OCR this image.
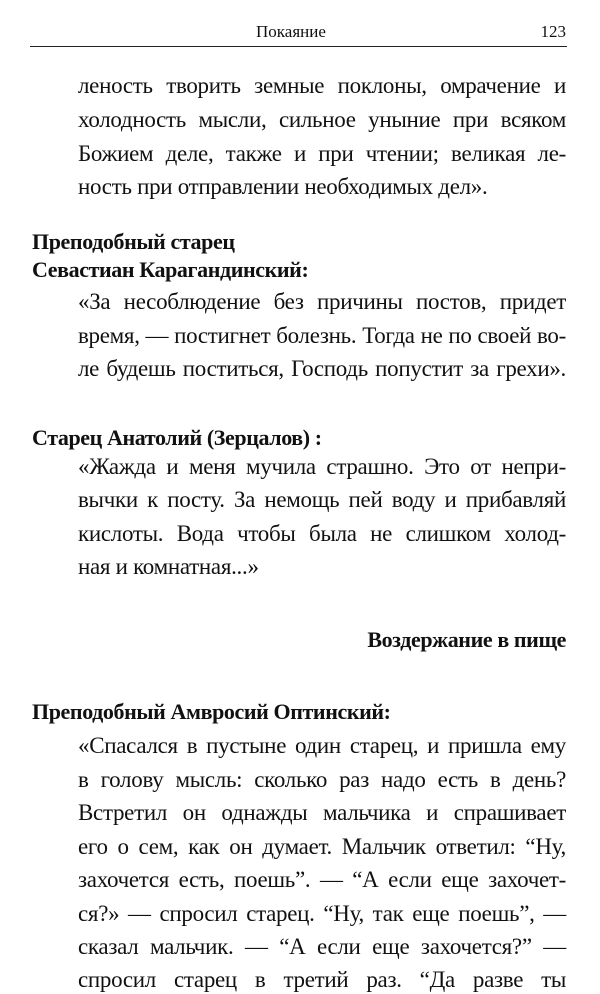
Покаяние	123
леность творить земные поклоны, омрачение и
холодность мысли, сильное уныние при всяком
Божием деле, также и при чтении; великая ле-
ность при отправлении необходимых дел».
Преподобный старец
Севастиан Карагандинский:
«За несоблюдение без причины постов, придет
время, — постигнет болезнь. Тогда не по своей во-
ле будешь поститься, Господь попустит за грехи».
Старец Анатолий (Зерцалов) :
«Жажда и меня мучила страшно. Это от непри-
вычки к посту. За немощь пей воду и прибавляй
кислоты. Вода чтобы была не слишком холод-
ная и комнатная...»
Воздержание в пище
Преподобный Амвросий Оптинский:
«Спасался в пустыне один старец, и пришла ему
в голову мысль: сколько раз надо есть в день?
Встретил он однажды мальчика и спрашивает
его о сем, как он думает. Мальчик ответил: “Ну,
захочется есть, поешь”. — “А если еще захочет-
ся?» — спросил старец. “Ну, так еще поешь”, —
сказал мальчик. — “А если еще захочется?” —
спросил старец в третий раз. “Да разве ты
